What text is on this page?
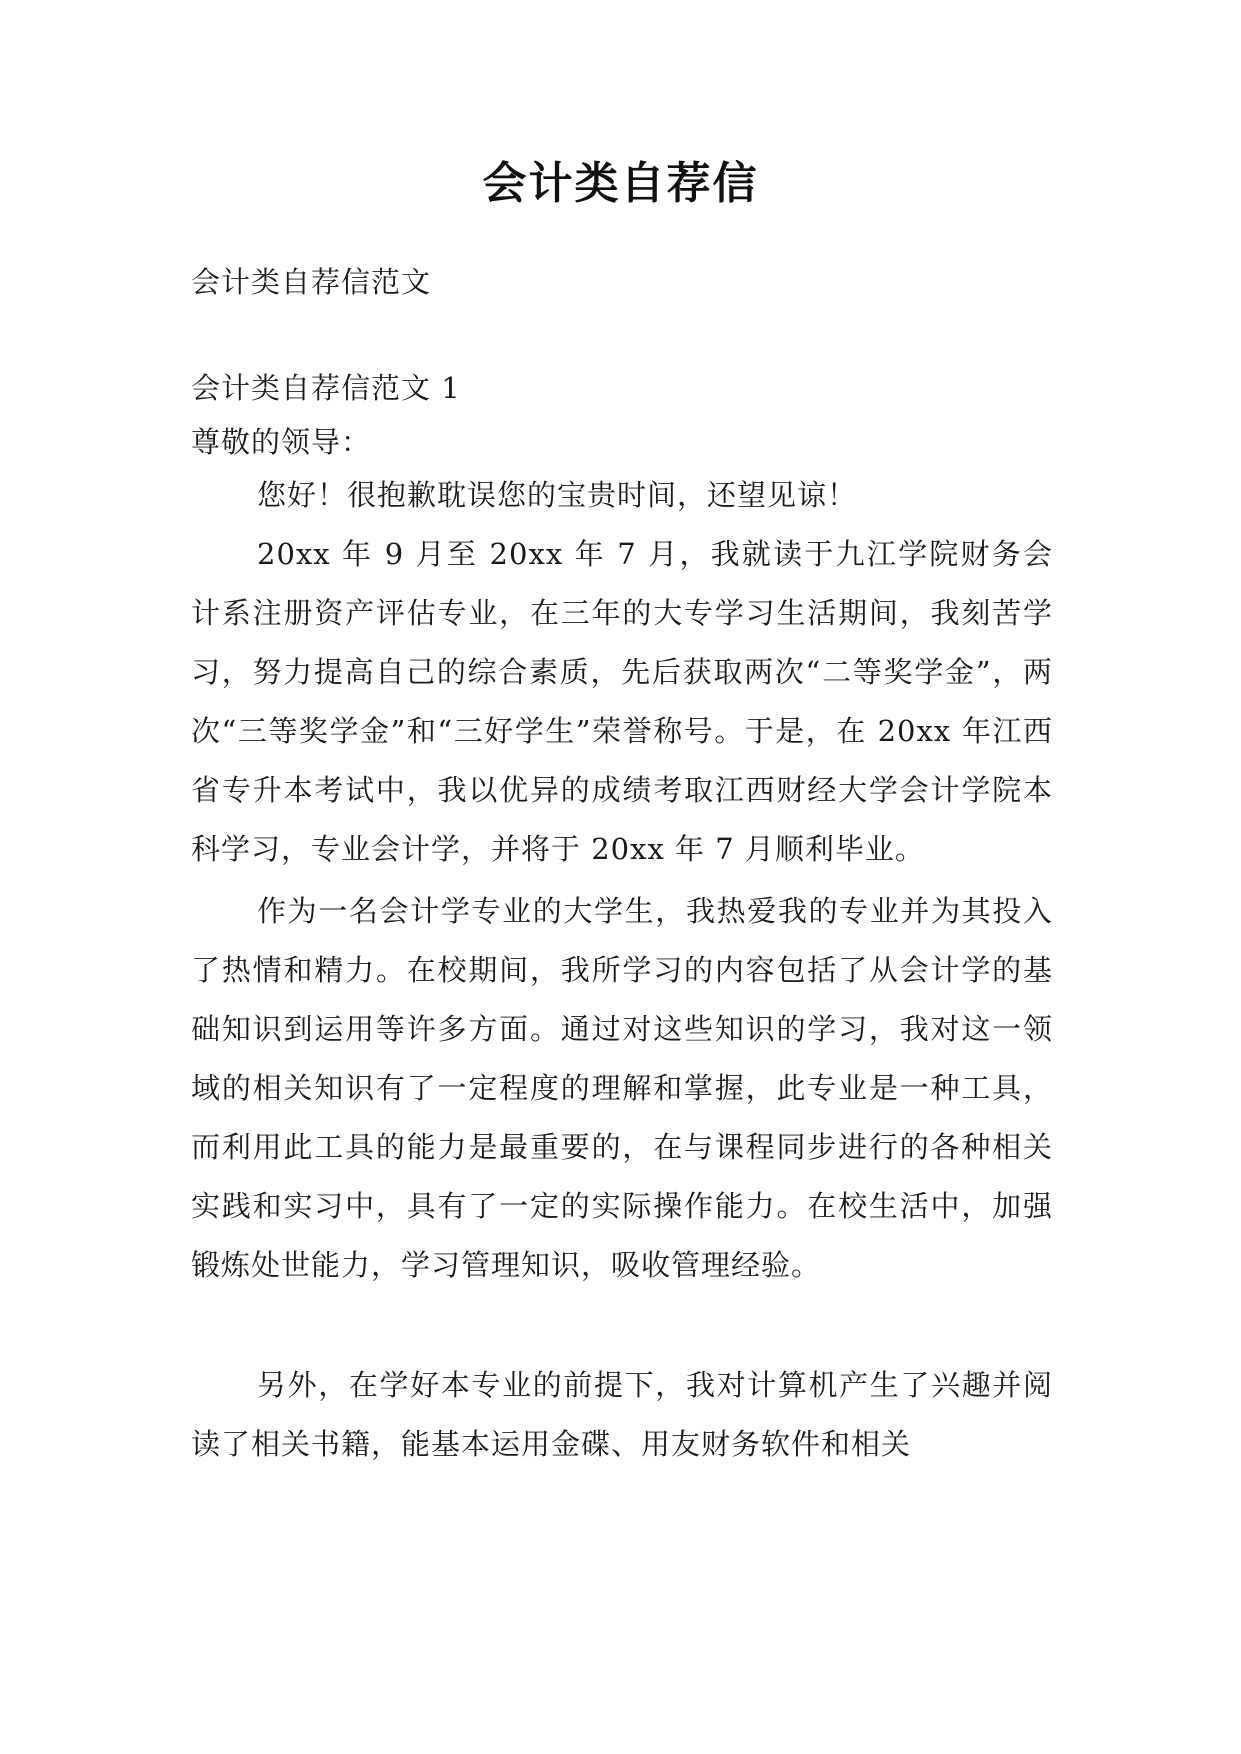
会计类自荐信

会计类自荐信范文

会计类自荐信范文 1

尊敬的领导：

您好！很抱歉耽误您的宝贵时间，还望见谅！

20xx 年 9 月至 20xx 年 7 月，我就读于九江学院财务会计系注册资产评估专业，在三年的大专学习生活期间，我刻苦学习，努力提高自己的综合素质，先后获取两次“二等奖学金”，两次“三等奖学金”和“三好学生”荣誉称号。于是，在 20xx 年江西省专升本考试中，我以优异的成绩考取江西财经大学会计学院本科学习，专业会计学，并将于 20xx 年 7 月顺利毕业。

作为一名会计学专业的大学生，我热爱我的专业并为其投入了热情和精力。在校期间，我所学习的内容包括了从会计学的基础知识到运用等许多方面。通过对这些知识的学习，我对这一领域的相关知识有了一定程度的理解和掌握，此专业是一种工具，而利用此工具的能力是最重要的，在与课程同步进行的各种相关实践和实习中，具有了一定的实际操作能力。在校生活中，加强锻炼处世能力，学习管理知识，吸收管理经验。

另外，在学好本专业的前提下，我对计算机产生了兴趣并阅读了相关书籍，能基本运用金碟、用友财务软件和相关
